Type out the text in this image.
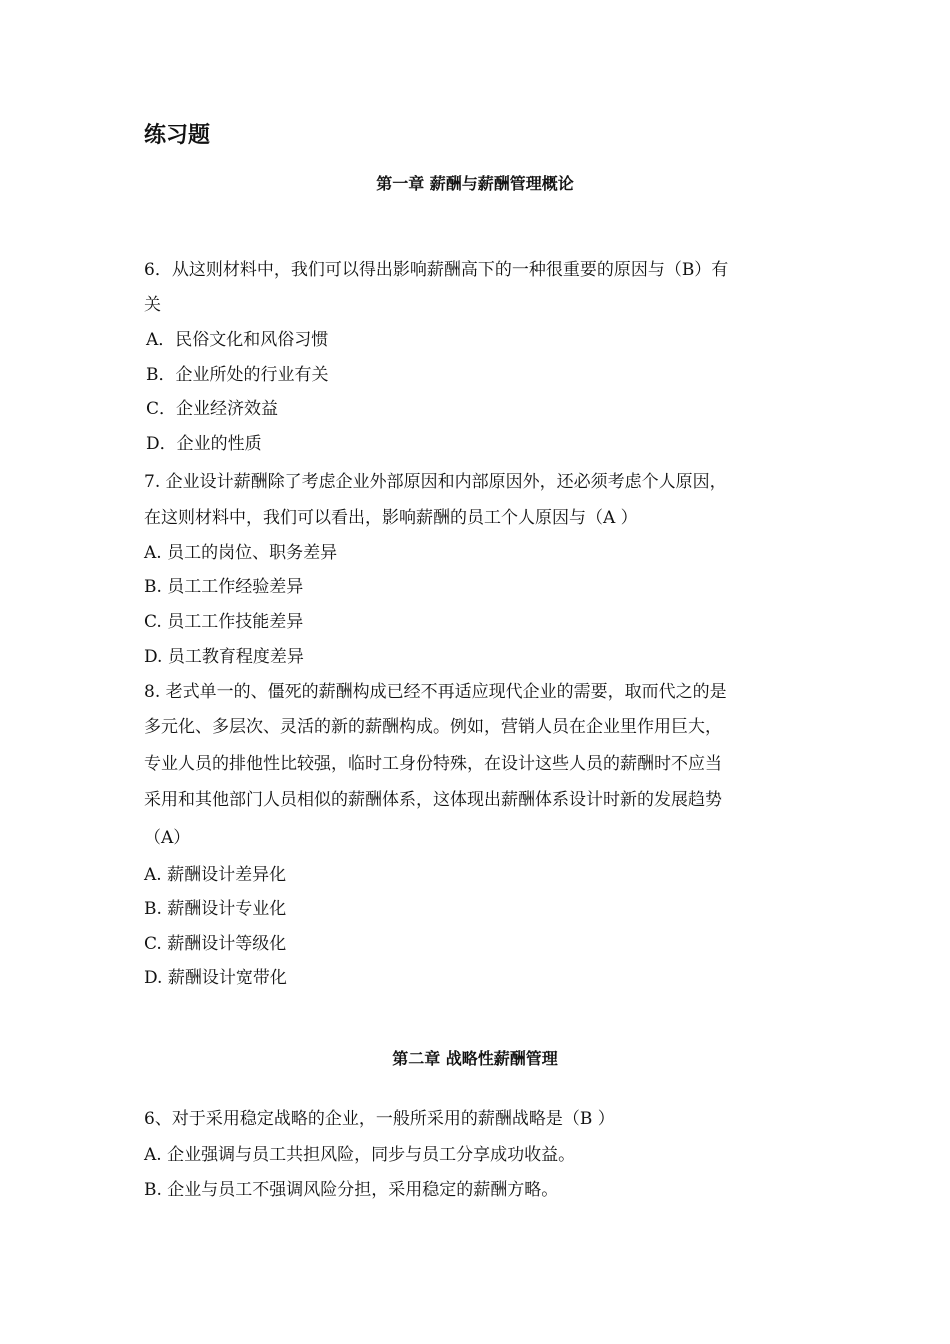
练习题
第一章 薪酬与薪酬管理概论

6．从这则材料中，我们可以得出影响薪酬高下的一种很重要的原因与（B）有

关

A．民俗文化和风俗习惯

B．企业所处的行业有关

C．企业经济效益

D．企业的性质

7. 企业设计薪酬除了考虑企业外部原因和内部原因外，还必须考虑个人原因，

在这则材料中，我们可以看出，影响薪酬的员工个人原因与（A ）

A. 员工的岗位、职务差异

B. 员工工作经验差异

C. 员工工作技能差异

D. 员工教育程度差异

8. 老式单一的、僵死的薪酬构成已经不再适应现代企业的需要，取而代之的是

多元化、多层次、灵活的新的薪酬构成。例如，营销人员在企业里作用巨大，

专业人员的排他性比较强，临时工身份特殊，在设计这些人员的薪酬时不应当

采用和其他部门人员相似的薪酬体系，这体现出薪酬体系设计时新的发展趋势

（A）

A. 薪酬设计差异化

B. 薪酬设计专业化

C. 薪酬设计等级化

D. 薪酬设计宽带化

第二章 战略性薪酬管理

6、对于采用稳定战略的企业，一般所采用的薪酬战略是（B ）

A. 企业强调与员工共担风险，同步与员工分享成功收益。

B. 企业与员工不强调风险分担，采用稳定的薪酬方略。
